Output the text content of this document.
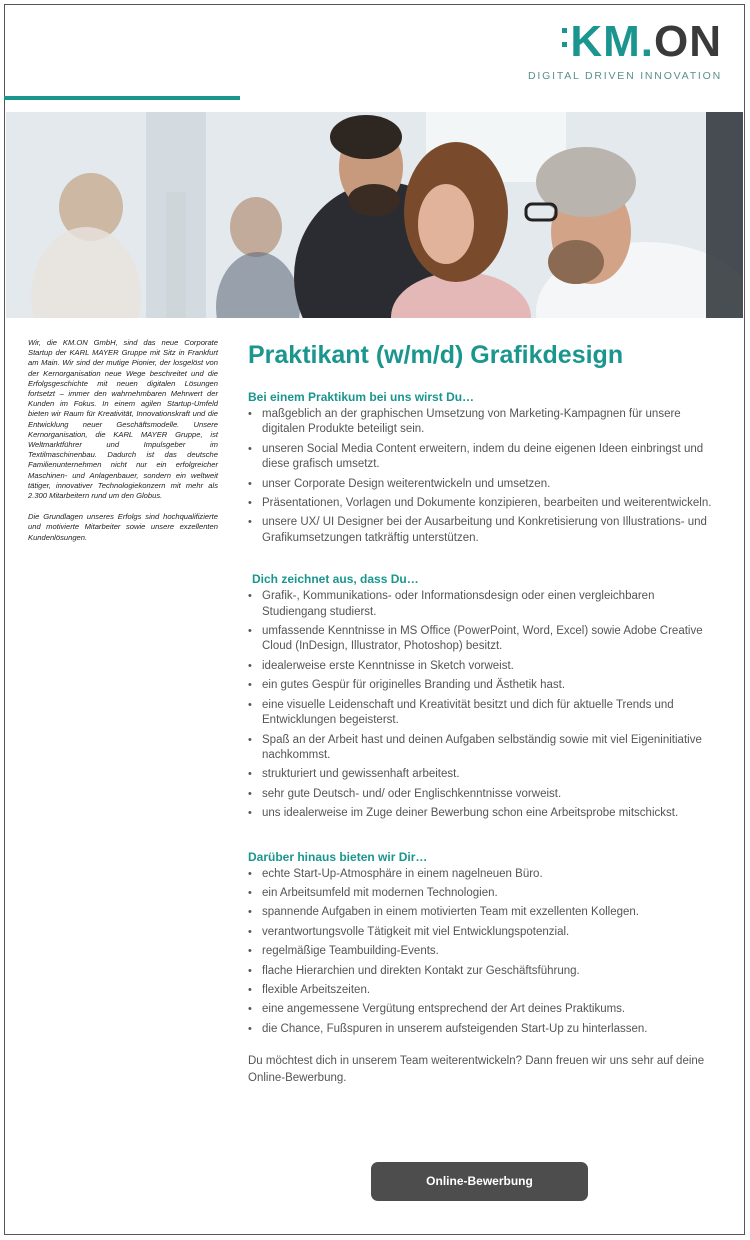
KM.ON
DIGITAL DRIVEN INNOVATION

Wir, die KM.ON GmbH, sind das neue Corporate Startup der KARL MAYER Gruppe mit Sitz in Frankfurt am Main. Wir sind der mutige Pionier, der losgelöst von der Kernorganisation neue Wege beschreitet und die Erfolgsgeschichte mit neuen digitalen Lösungen fortsetzt – immer den wahrnehmbaren Mehrwert der Kunden im Fokus. In einem agilen Startup-Umfeld bieten wir Raum für Kreativität, Innovationskraft und die Entwicklung neuer Geschäftsmodelle. Unsere Kernorganisation, die KARL MAYER Gruppe, ist Weltmarktführer und Impulsgeber im Textilmaschinenbau. Dadurch ist das deutsche Familienunternehmen nicht nur ein erfolgreicher Maschinen- und Anlagenbauer, sondern ein weltweit tätiger, innovativer Technologiekonzern mit mehr als 2.300 Mitarbeitern rund um den Globus.

Die Grundlagen unseres Erfolgs sind hochqualifizierte und motivierte Mitarbeiter sowie unsere exzellenten Kundenlösungen.

Praktikant (w/m/d) Grafikdesign
Bei einem Praktikum bei uns wirst Du…
• maßgeblich an der graphischen Umsetzung von Marketing-Kampagnen für unsere digitalen Produkte beteiligt sein.
• unseren Social Media Content erweitern, indem du deine eigenen Ideen einbringst und diese grafisch umsetzt.
• unser Corporate Design weiterentwickeln und umsetzen.
• Präsentationen, Vorlagen und Dokumente konzipieren, bearbeiten und weiterentwickeln.
• unsere UX/ UI Designer bei der Ausarbeitung und Konkretisierung von Illustrations- und Grafikumsetzungen tatkräftig unterstützen.
Dich zeichnet aus, dass Du…
• Grafik-, Kommunikations- oder Informationsdesign oder einen vergleichbaren Studiengang studierst.
• umfassende Kenntnisse in MS Office (PowerPoint, Word, Excel) sowie Adobe Creative Cloud (InDesign, Illustrator, Photoshop) besitzt.
• idealerweise erste Kenntnisse in Sketch vorweist.
• ein gutes Gespür für originelles Branding und Ästhetik hast.
• eine visuelle Leidenschaft und Kreativität besitzt und dich für aktuelle Trends und Entwicklungen begeisterst.
• Spaß an der Arbeit hast und deinen Aufgaben selbständig sowie mit viel Eigeninitiative nachkommst.
• strukturiert und gewissenhaft arbeitest.
• sehr gute Deutsch- und/ oder Englischkenntnisse vorweist.
• uns idealerweise im Zuge deiner Bewerbung schon eine Arbeitsprobe mitschickst.
Darüber hinaus bieten wir Dir…
• echte Start-Up-Atmosphäre in einem nagelneuen Büro.
• ein Arbeitsumfeld mit modernen Technologien.
• spannende Aufgaben in einem motivierten Team mit exzellenten Kollegen.
• verantwortungsvolle Tätigkeit mit viel Entwicklungspotenzial.
• regelmäßige Teambuilding-Events.
• flache Hierarchien und direkten Kontakt zur Geschäftsführung.
• flexible Arbeitszeiten.
• eine angemessene Vergütung entsprechend der Art deines Praktikums.
• die Chance, Fußspuren in unserem aufsteigenden Start-Up zu hinterlassen.

Du möchtest dich in unserem Team weiterentwickeln? Dann freuen wir uns sehr auf deine Online-Bewerbung.

Online-Bewerbung
